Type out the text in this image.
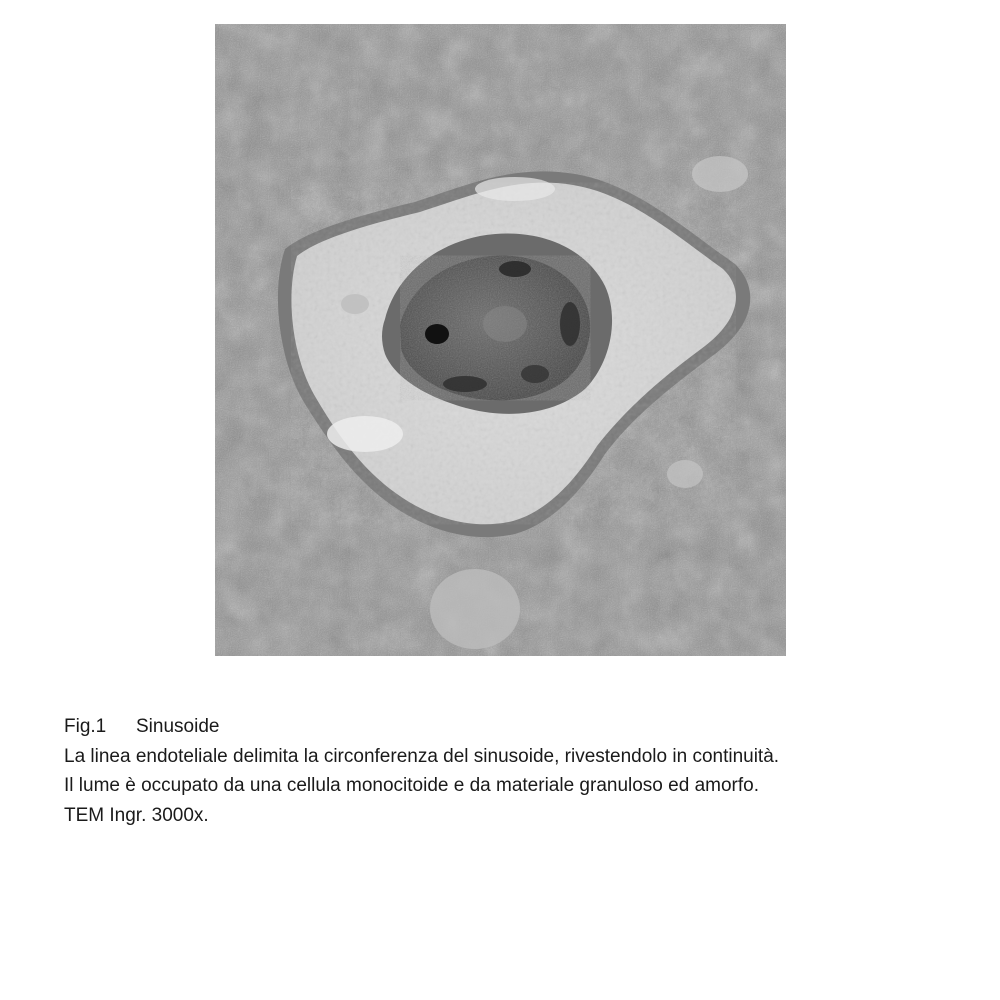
Fig.1 Sinusoide
La linea endoteliale delimita la circonferenza del sinusoide, rivestendolo in continuità.
Il lume è occupato da una cellula monocitoide e da materiale granuloso ed amorfo.
TEM Ingr. 3000x.
